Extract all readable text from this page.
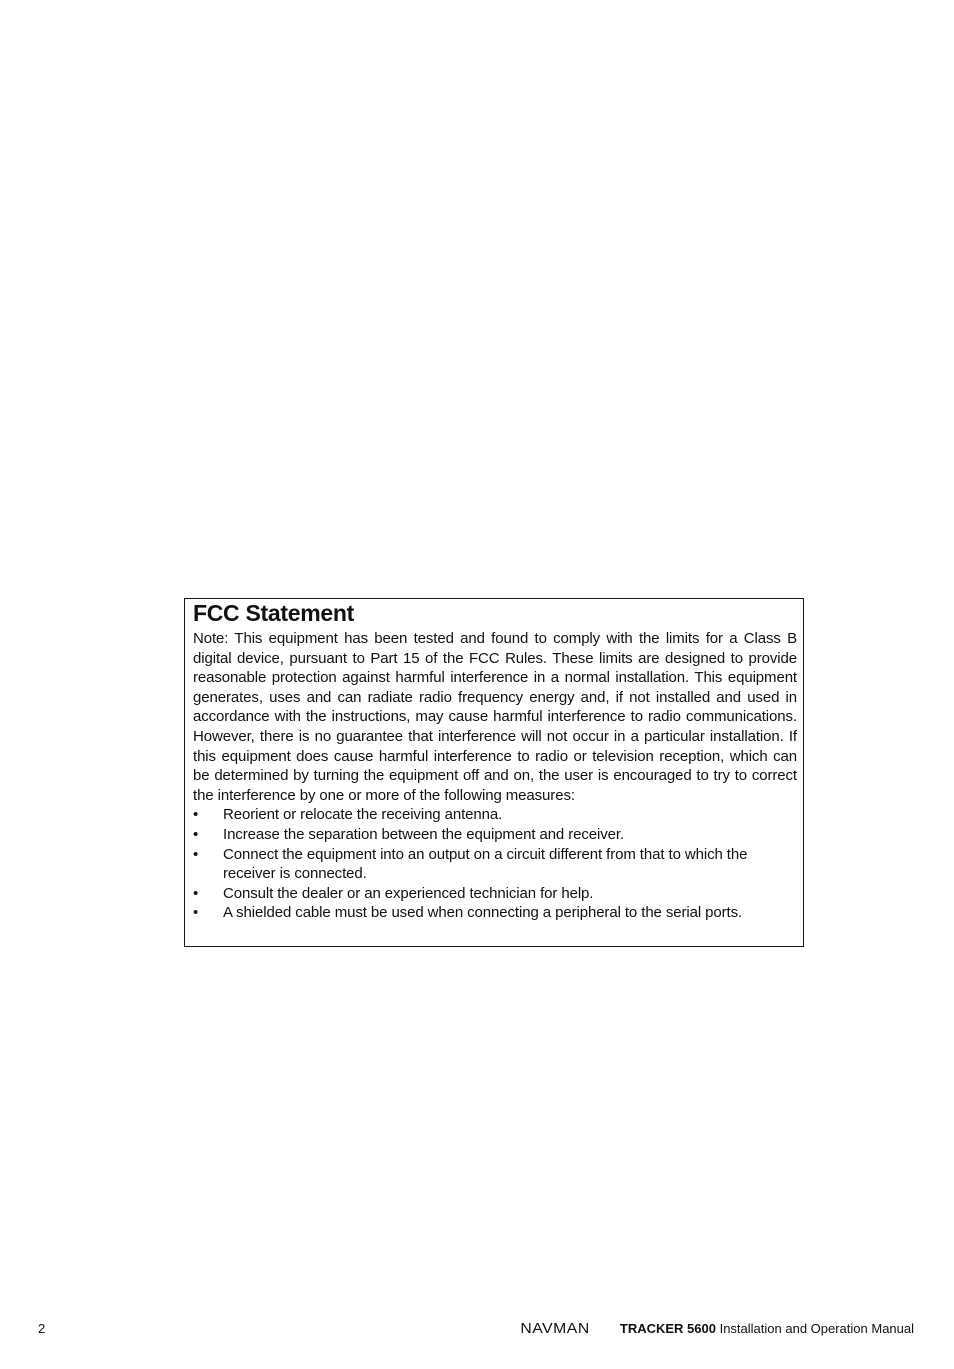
FCC Statement

Note: This equipment has been tested and found to comply with the limits for a Class B digital device, pursuant to Part 15 of the FCC Rules. These limits are designed to provide reasonable protection against harmful interference in a normal installation. This equipment generates, uses and can radiate radio frequency energy and, if not installed and used in accordance with the instructions, may cause harmful interference to radio communications. However, there is no guarantee that interference will not occur in a particular installation. If this equipment does cause harmful interference to radio or television reception, which can be determined by turning the equipment off and on, the user is encouraged to try to correct the interference by one or more of the following measures:

• Reorient or relocate the receiving antenna.
• Increase the separation between the equipment and receiver.
• Connect the equipment into an output on a circuit different from that to which the receiver is connected.
• Consult the dealer or an experienced technician for help.
• A shielded cable must be used when connecting a peripheral to the serial ports.
2	NAVMAN TRACKER 5600 Installation and Operation Manual
